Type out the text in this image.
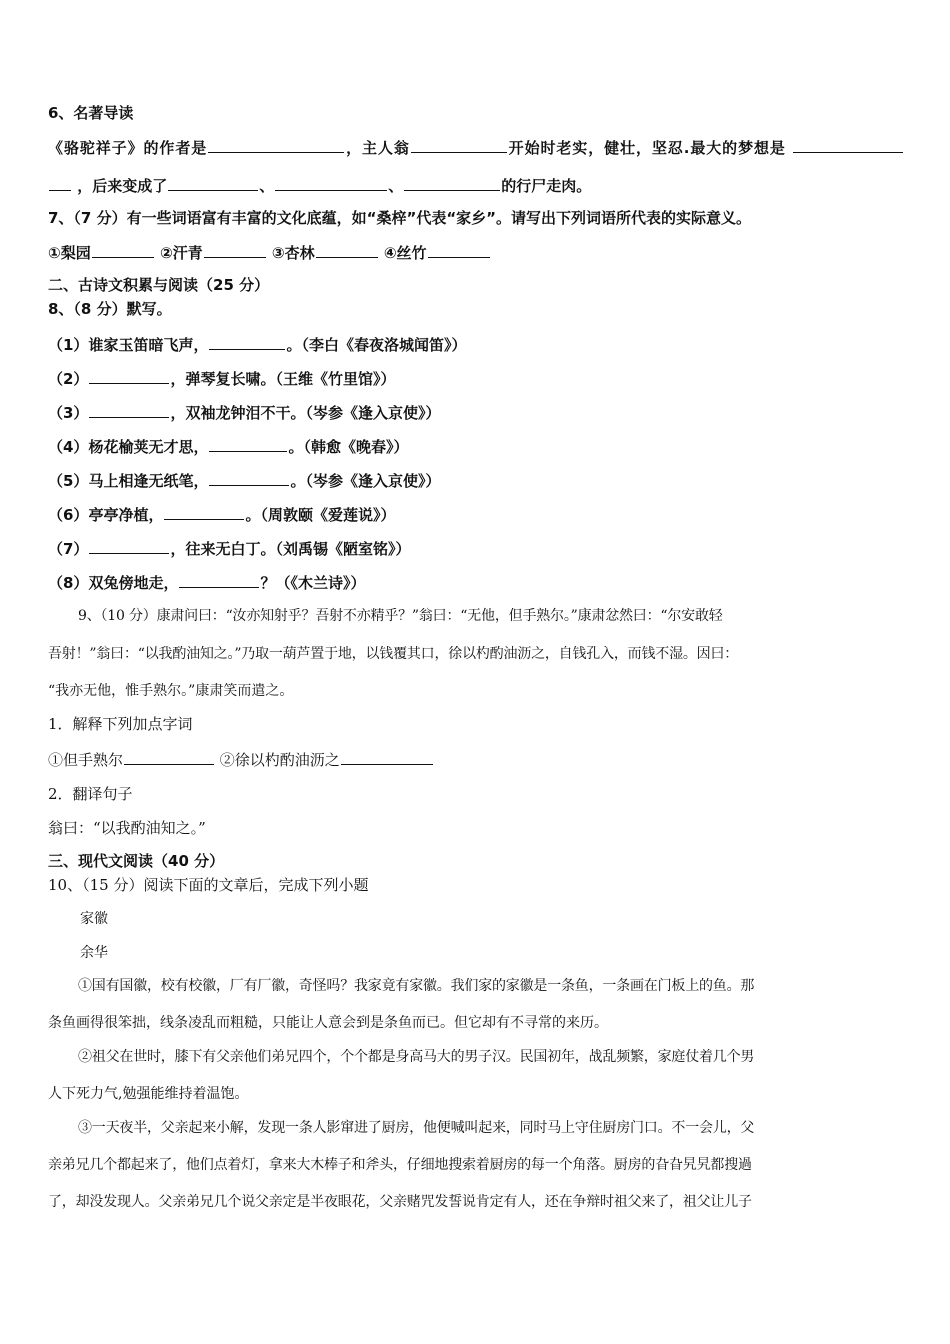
6、名著导读
《骆驼祥子》的作者是	，主人翁	开始时老实，健壮，坚忍.最大的梦想是
，后来变成了	、	、	的行尸走肉。
7、（7 分）有一些词语富有丰富的文化底蕴，如“桑梓”代表“家乡”。请写出下列词语所代表的实际意义。
①梨园	②汗青	③杏林	④丝竹
二、古诗文积累与阅读（25 分）
8、（8 分）默写。
（1）谁家玉笛暗飞声，	。（李白《春夜洛城闻笛》）
（2）	，弹琴复长啸。（王维《竹里馆》）
（3）	，双袖龙钟泪不干。（岑参《逢入京使》）
（4）杨花榆荚无才思，	。（韩愈《晚春》）
（5）马上相逢无纸笔，	。（岑参《逢入京使》）
（6）亭亭净植，	。（周敦颐《爱莲说》）
（7）	，往来无白丁。（刘禹锡《陋室铭》）
（8）双兔傍地走，	？（《木兰诗》）
9、（10 分）康肃问曰：“汝亦知射乎？吾射不亦精乎？”翁曰：“无他，但手熟尔。”康肃忿然曰：“尔安敢轻
吾射！”翁曰：“以我酌油知之。”乃取一葫芦置于地，以钱覆其口，徐以杓酌油沥之，自钱孔入，而钱不湿。因曰：
“我亦无他，惟手熟尔。”康肃笑而遣之。
1．解释下列加点字词
①但手熟尔	②徐以杓酌油沥之
2．翻译句子
翁曰：“以我酌油知之。”
三、现代文阅读（40 分）
10、（15 分）阅读下面的文章后，完成下列小题
家徽
余华
①国有国徽，校有校徽，厂有厂徽，奇怪吗？我家竟有家徽。我们家的家徽是一条鱼，一条画在门板上的鱼。那
条鱼画得很笨拙，线条凌乱而粗糙，只能让人意会到是条鱼而已。但它却有不寻常的来历。
②祖父在世时，膝下有父亲他们弟兄四个，个个都是身高马大的男子汉。民国初年，战乱频繁，家庭仗着几个男
人下死力气,勉强能维持着温饱。
③一天夜半，父亲起来小解，发现一条人影窜进了厨房，他便喊叫起来，同时马上守住厨房门口。不一会儿，父
亲弟兄几个都起来了，他们点着灯，拿来大木棒子和斧头，仔细地搜索着厨房的每一个角落。厨房的旮旮旯旯都搜過
了，却没发现人。父亲弟兄几个说父亲定是半夜眼花，父亲赌咒发誓说肯定有人，还在争辩时祖父来了，祖父让儿子
